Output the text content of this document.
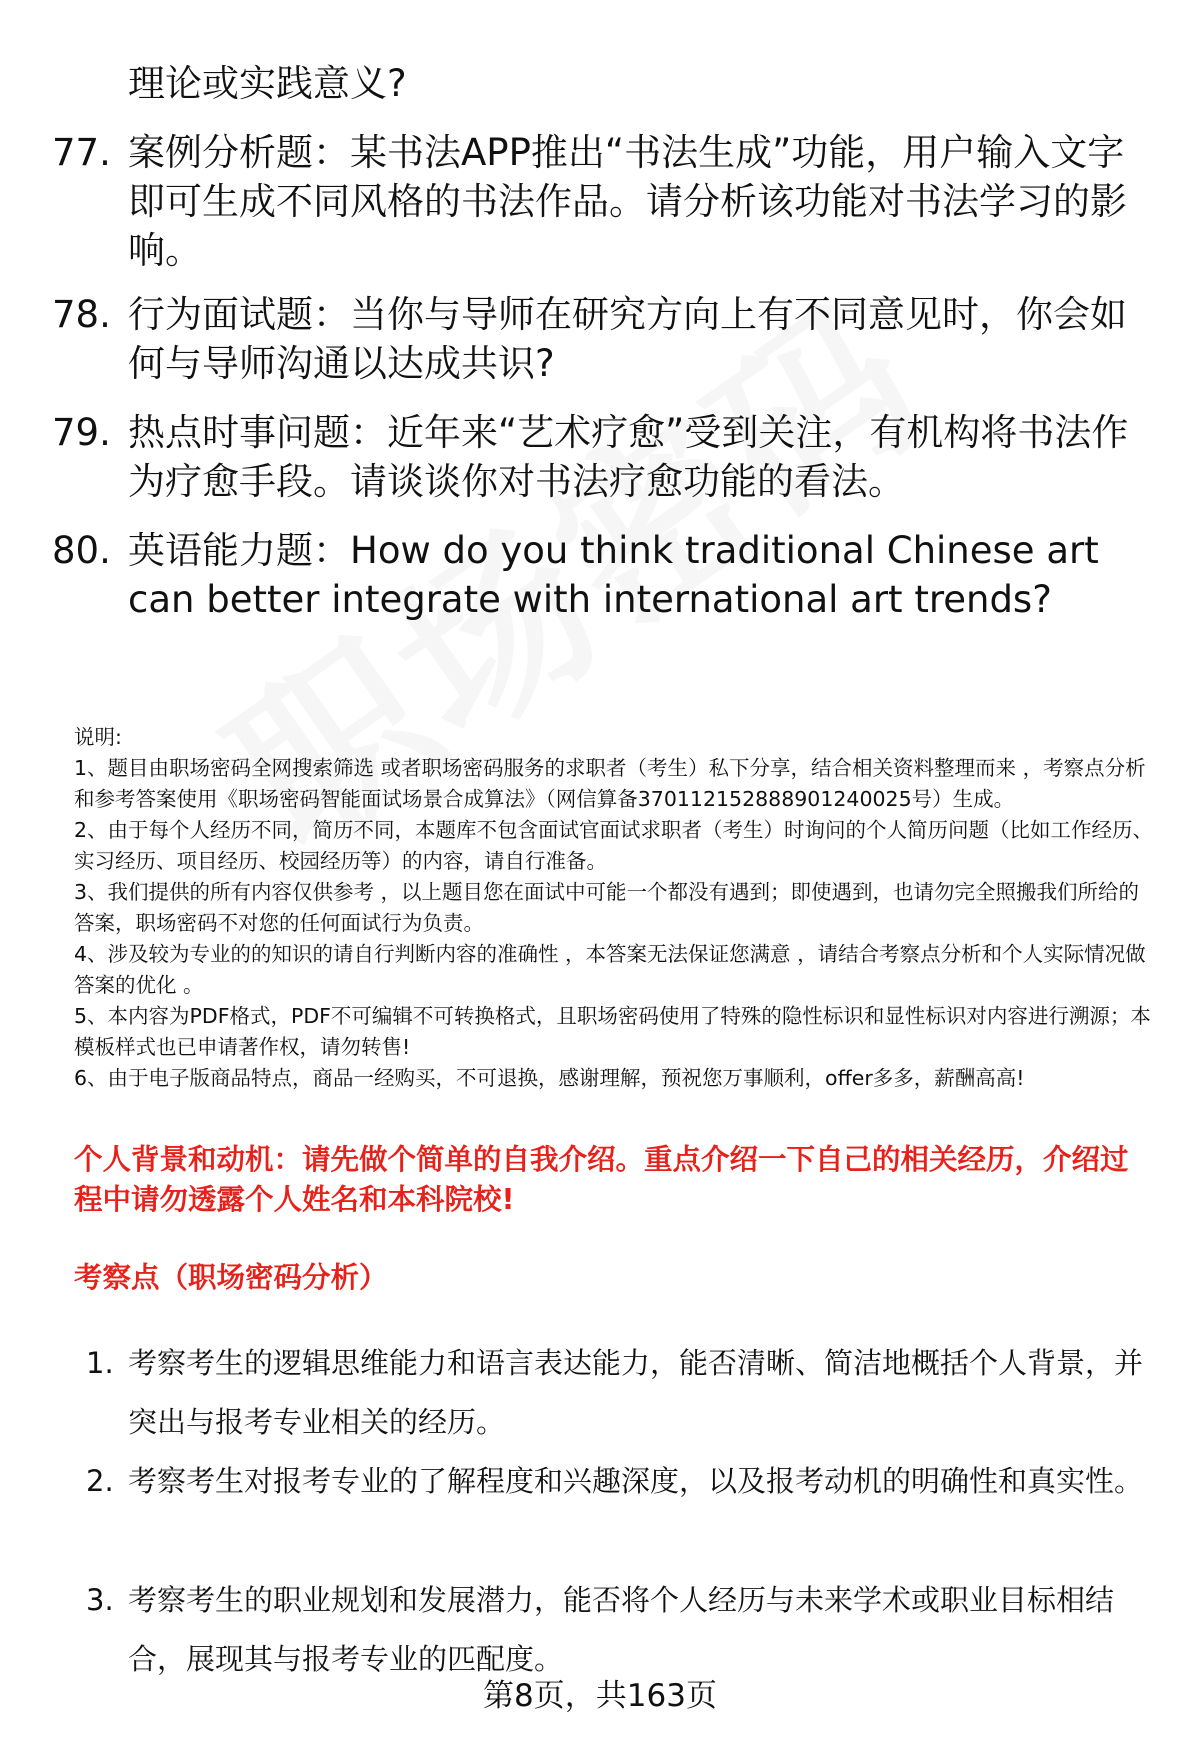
理论或实践意义?
77. 案例分析题：某书法APP推出“书法生成”功能，用户输入文字即可生成不同风格的书法作品。请分析该功能对书法学习的影响。
78. 行为面试题：当你与导师在研究方向上有不同意见时，你会如何与导师沟通以达成共识?
79. 热点时事问题：近年来“艺术疗愈”受到关注，有机构将书法作为疗愈手段。请谈谈你对书法疗愈功能的看法。
80. 英语能力题：How do you think traditional Chinese art can better integrate with international art trends?

说明:

1、题目由职场密码全网搜索筛选 或者职场密码服务的求职者（考生）私下分享，结合相关资料整理而来 ，考察点分析和参考答案使用《职场密码智能面试场景合成算法》（网信算备370112152888901240025号）生成。

2、由于每个人经历不同，简历不同，本题库不包含面试官面试求职者（考生）时询问的个人简历问题（比如工作经历、实习经历、项目经历、校园经历等）的内容，请自行准备。

3、我们提供的所有内容仅供参考 ，以上题目您在面试中可能一个都没有遇到；即使遇到，也请勿完全照搬我们所给的答案，职场密码不对您的任何面试行为负责。

4、涉及较为专业的的知识的请自行判断内容的准确性 ，本答案无法保证您满意 ，请结合考察点分析和个人实际情况做答案的优化 。

5、本内容为PDF格式，PDF不可编辑不可转换格式，且职场密码使用了特殊的隐性标识和显性标识对内容进行溯源；本模板样式也已申请著作权，请勿转售!

6、由于电子版商品特点，商品一经购买，不可退换，感谢理解，预祝您万事顺利，offer多多，薪酬高高!

个人背景和动机：请先做个简单的自我介绍。重点介绍一下自己的相关经历，介绍过程中请勿透露个人姓名和本科院校!
考察点（职场密码分析）
1. 考察考生的逻辑思维能力和语言表达能力，能否清晰、简洁地概括个人背景，并突出与报考专业相关的经历。
2. 考察考生对报考专业的了解程度和兴趣深度，以及报考动机的明确性和真实性。
3. 考察考生的职业规划和发展潜力，能否将个人经历与未来学术或职业目标相结合，展现其与报考专业的匹配度。
第8页，共163页
